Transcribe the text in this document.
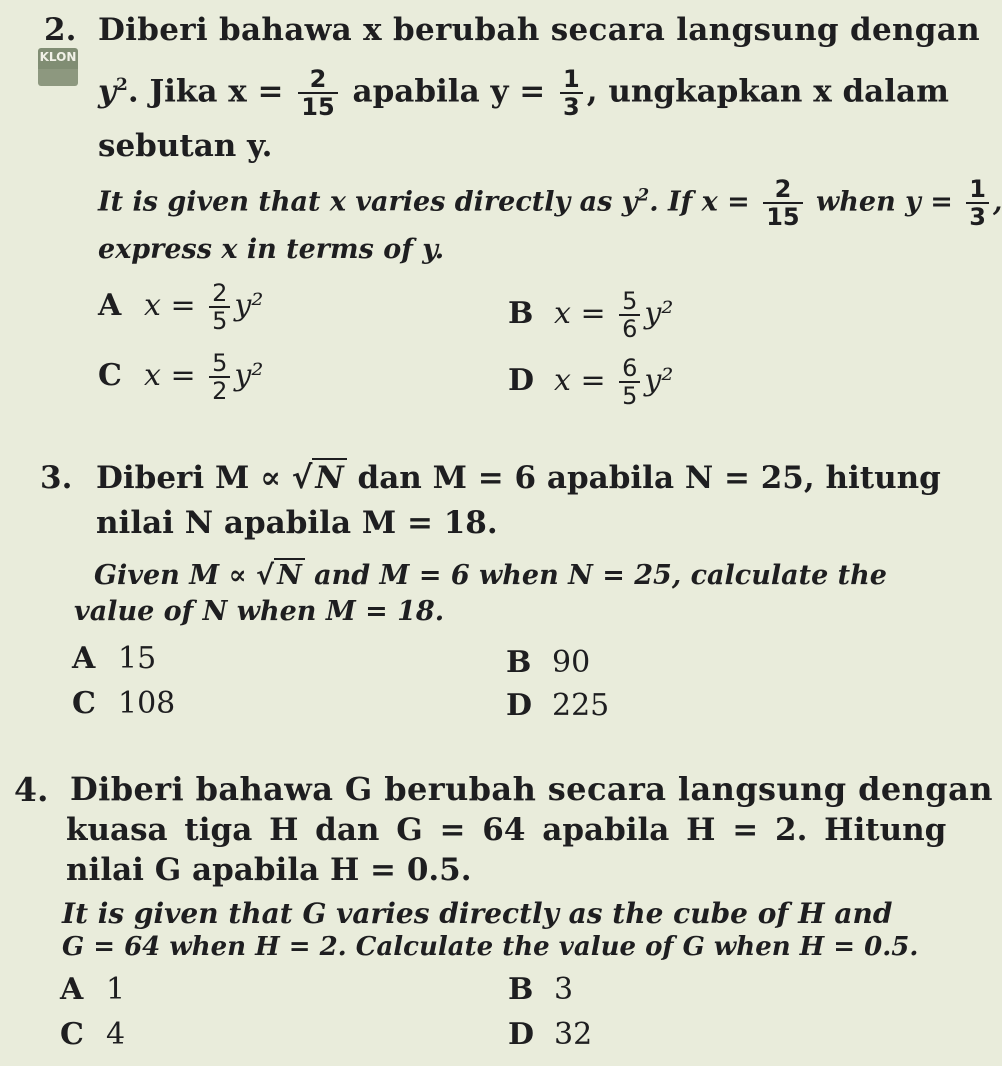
KLON
2. Diberi bahawa x berubah secara langsung dengan
$y^2$. Jika $x = \frac{2}{15}$ apabila $y = \frac{1}{3}$ , ungkapkan x dalam
sebutan y.
It is given that x varies directly as $y^2$. If $x = \frac{2}{15}$ when $y = \frac{1}{3}$ ,
express x in terms of y.
A $x = \frac{2}{5} y^2$	B $x = \frac{5}{6} y^2$
C $x = \frac{5}{2} y^2$	D $x = \frac{6}{5} y^2$
3. Diberi M ∝ √N dan M = 6 apabila N = 25, hitung
nilai N apabila M = 18.
Given M ∝ √ N and M = 6 when N = 25, calculate the
value of N when M = 18.
A 15	B 90
C 108	D 225
4. Diberi bahawa G berubah secara langsung dengan
kuasa tiga H dan G = 64 apabila H = 2. Hitung
nilai G apabila H = 0.5.
It is given that G varies directly as the cube of H and
G = 64 when H = 2. Calculate the value of G when H = 0.5.
A 1	B 3
C 4	D 32
